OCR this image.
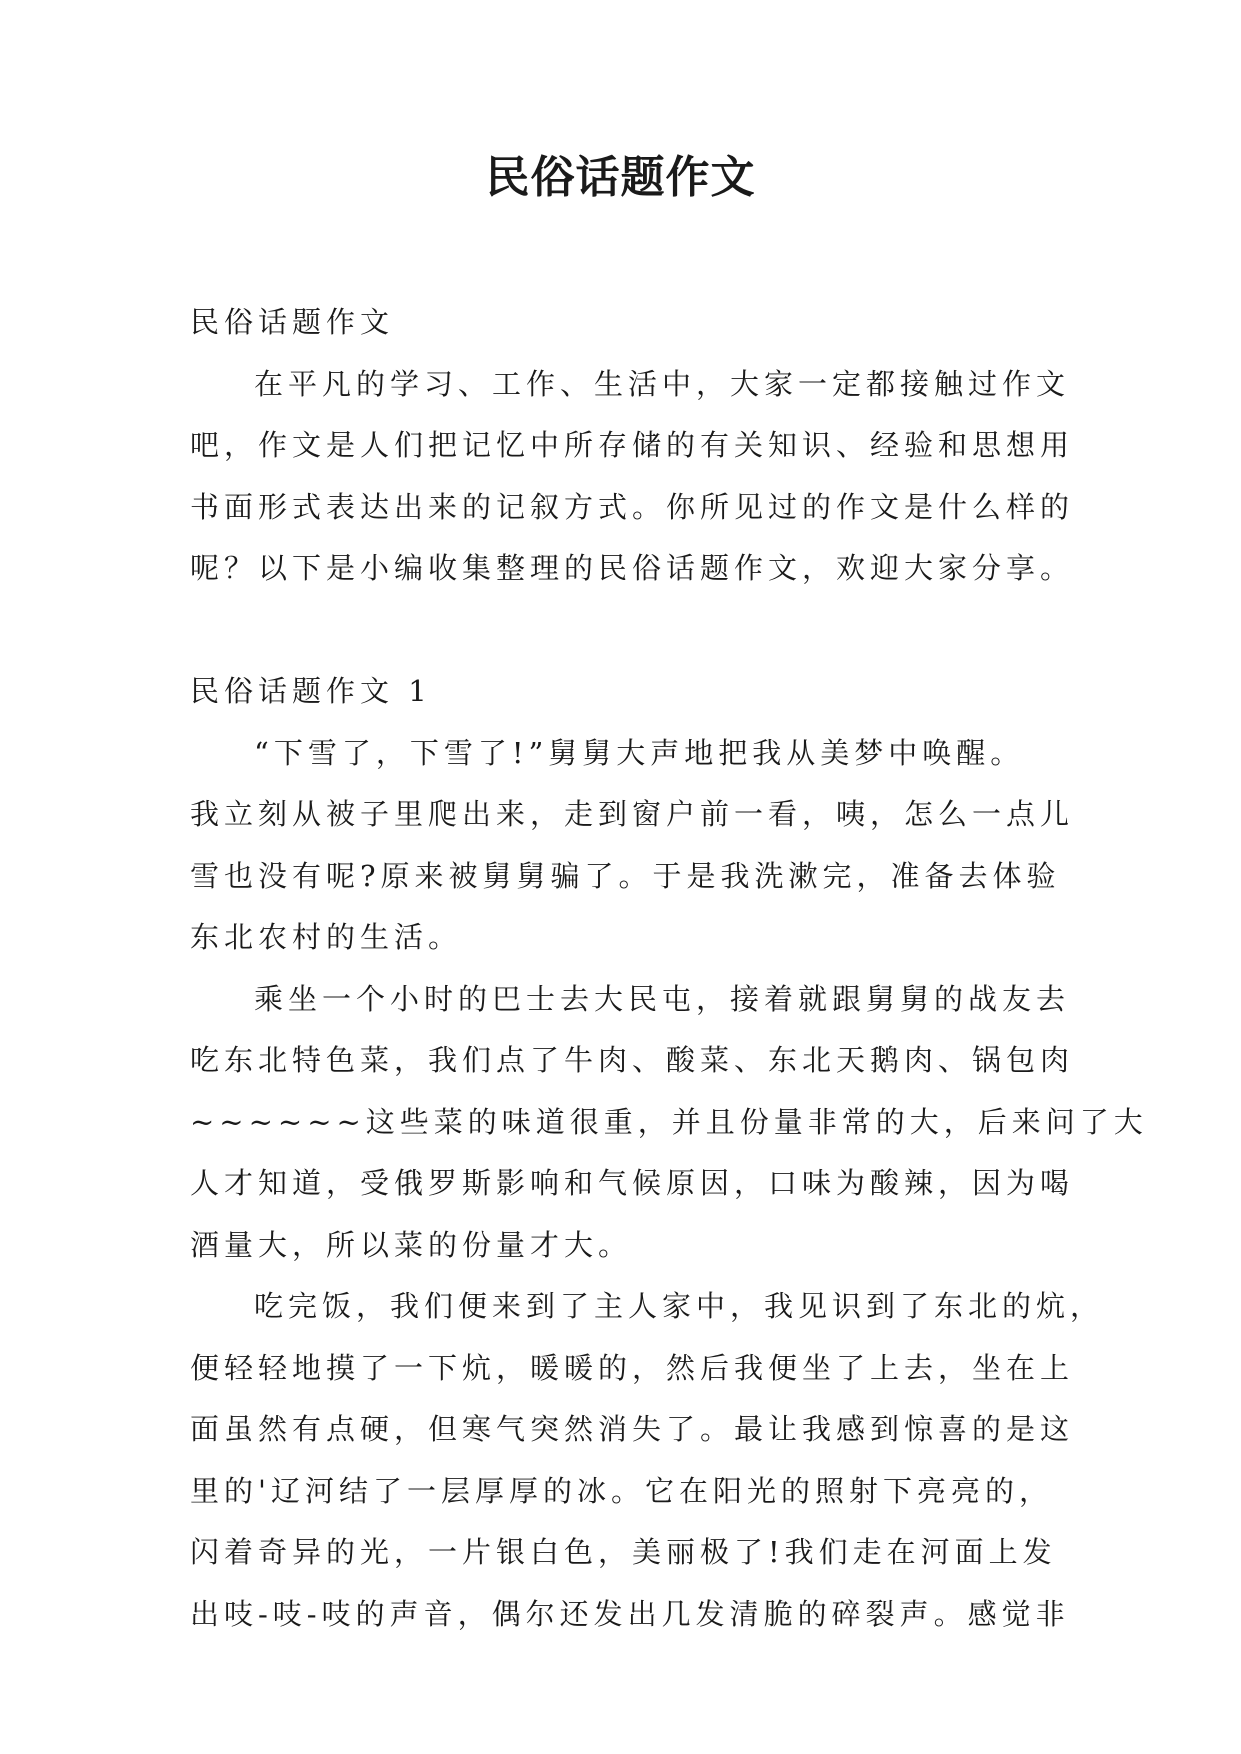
民俗话题作文
民俗话题作文
在平凡的学习、工作、生活中，大家一定都接触过作文
吧，作文是人们把记忆中所存储的有关知识、经验和思想用
书面形式表达出来的记叙方式。你所见过的作文是什么样的
呢？以下是小编收集整理的民俗话题作文，欢迎大家分享。
民俗话题作文 1
“下雪了，下雪了!”舅舅大声地把我从美梦中唤醒。
我立刻从被子里爬出来，走到窗户前一看，咦，怎么一点儿
雪也没有呢?原来被舅舅骗了。于是我洗漱完，准备去体验
东北农村的生活。
乘坐一个小时的巴士去大民屯，接着就跟舅舅的战友去
吃东北特色菜，我们点了牛肉、酸菜、东北天鹅肉、锅包肉
~~~~~~这些菜的味道很重，并且份量非常的大，后来问了大
人才知道，受俄罗斯影响和气候原因，口味为酸辣，因为喝
酒量大，所以菜的份量才大。
吃完饭，我们便来到了主人家中，我见识到了东北的炕，
便轻轻地摸了一下炕，暖暖的，然后我便坐了上去，坐在上
面虽然有点硬，但寒气突然消失了。最让我感到惊喜的是这
里的'辽河结了一层厚厚的冰。它在阳光的照射下亮亮的，
闪着奇异的光，一片银白色，美丽极了!我们走在河面上发
出吱-吱-吱的声音，偶尔还发出几发清脆的碎裂声。感觉非
